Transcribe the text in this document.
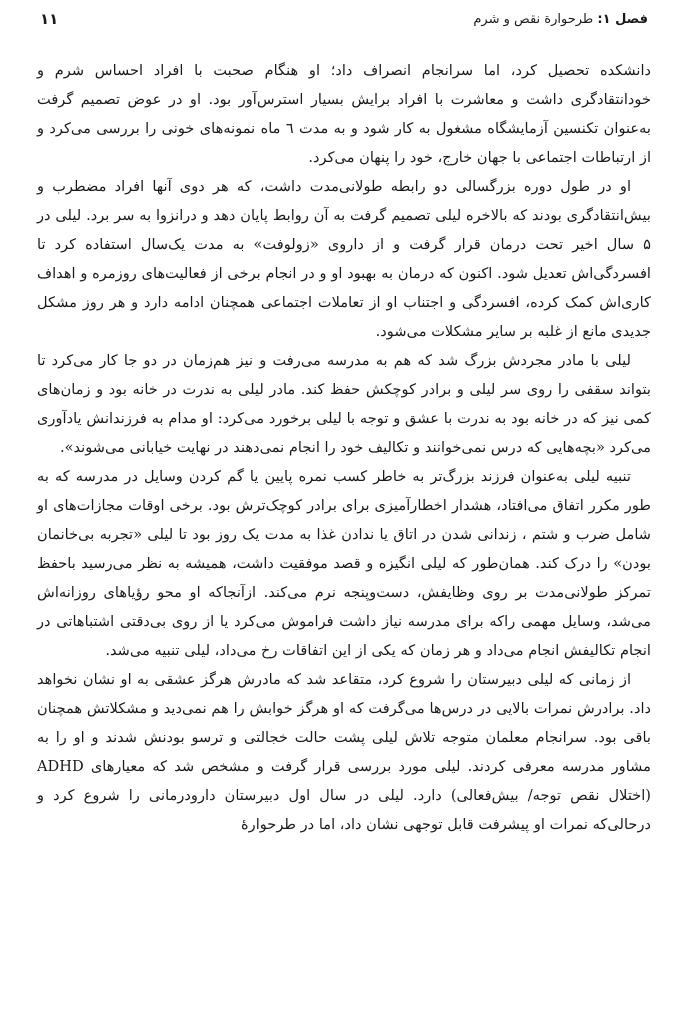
فصل ۱: طرحوارة نقص و شرم
۱۱

دانشکده تحصیل کرد، اما سرانجام انصراف داد؛ او هنگام صحبت با افراد احساس شرم و خودانتقادگری داشت و معاشرت با افراد برایش بسیار استرس‌آور بود. او در عوض تصمیم گرفت به‌عنوان تکنسین آزمایشگاه مشغول به کار شود و به مدت ٦ ماه نمونه‌های خونی را بررسی می‌کرد و از ارتباطات اجتماعی با جهان خارج، خود را پنهان می‌کرد.

او در طول دوره بزرگسالی دو رابطه طولانی‌مدت داشت، که هر دوی آنها افراد مضطرب و بیش‌انتقادگری بودند که بالاخره لیلی تصمیم گرفت به آن روابط پایان دهد و درانزوا به سر برد. لیلی در ۵ سال اخیر تحت درمان قرار گرفت و از داروی «زولوفت» به مدت یک‌سال استفاده کرد تا افسردگی‌اش تعدیل شود. اکنون که درمان به بهبود او و در انجام برخی از فعالیت‌های روزمره و اهداف کاری‌اش کمک کرده، افسردگی و اجتناب او از تعاملات اجتماعی همچنان ادامه دارد و هر روز مشکل جدیدی مانع از غلبه بر سایر مشکلات می‌شود.

لیلی با مادر مجردش بزرگ شد که هم به مدرسه می‌رفت و نیز هم‌زمان در دو جا کار می‌کرد تا بتواند سقفی را روی سر لیلی و برادر کوچکش حفظ کند. مادر لیلی به ندرت در خانه بود و زمان‌های کمی نیز که در خانه بود به ندرت با عشق و توجه با لیلی برخورد می‌کرد: او مدام به فرزندانش یادآوری می‌کرد «بچه‌هایی که درس نمی‌خوانند و تکالیف خود را انجام نمی‌دهند در نهایت خیابانی می‌شوند».

تنبیه لیلی به‌عنوان فرزند بزرگ‌تر به خاطر کسب نمره پایین یا گم کردن وسایل در مدرسه که به طور مکرر اتفاق می‌افتاد، هشدار اخطارآمیزی برای برادر کوچک‌ترش بود. برخی اوقات مجازات‌های او شامل ضرب و شتم ، زندانی شدن در اتاق یا ندادن غذا به مدت یک روز بود تا لیلی «تجربه بی‌خانمان بودن» را درک کند. همان‌طور که لیلی انگیزه و قصد موفقیت داشت، همیشه به نظر می‌رسید باحفظ تمرکز طولانی‌مدت بر روی وظایفش، دست‌وپنجه نرم می‌کند. ازآنجاکه او محو رؤیاهای روزانه‌اش می‌شد، وسایل مهمی راکه برای مدرسه نیاز داشت فراموش می‌کرد یا از روی بی‌دقتی اشتباهاتی در انجام تکالیفش انجام می‌داد و هر زمان که یکی از این اتفاقات رخ می‌داد، لیلی تنبیه می‌شد.

از زمانی که لیلی دبیرستان را شروع کرد، متقاعد شد که مادرش هرگز عشقی به او نشان نخواهد داد. برادرش نمرات بالایی در درس‌ها می‌گرفت که او هرگز خوابش را هم نمی‌دید و مشکلاتش همچنان باقی بود. سرانجام معلمان متوجه تلاش لیلی پشت حالت خجالتی و ترسو بودنش شدند و او را به مشاور مدرسه معرفی کردند. لیلی مورد بررسی قرار گرفت و مشخص شد که معیارهای ADHD (اختلال نقص توجه/ بیش‌فعالی) دارد. لیلی در سال اول دبیرستان دارودرمانی را شروع کرد و درحالی‌که نمرات او پیشرفت قابل توجهی نشان داد، اما در طرحوارهٔ
